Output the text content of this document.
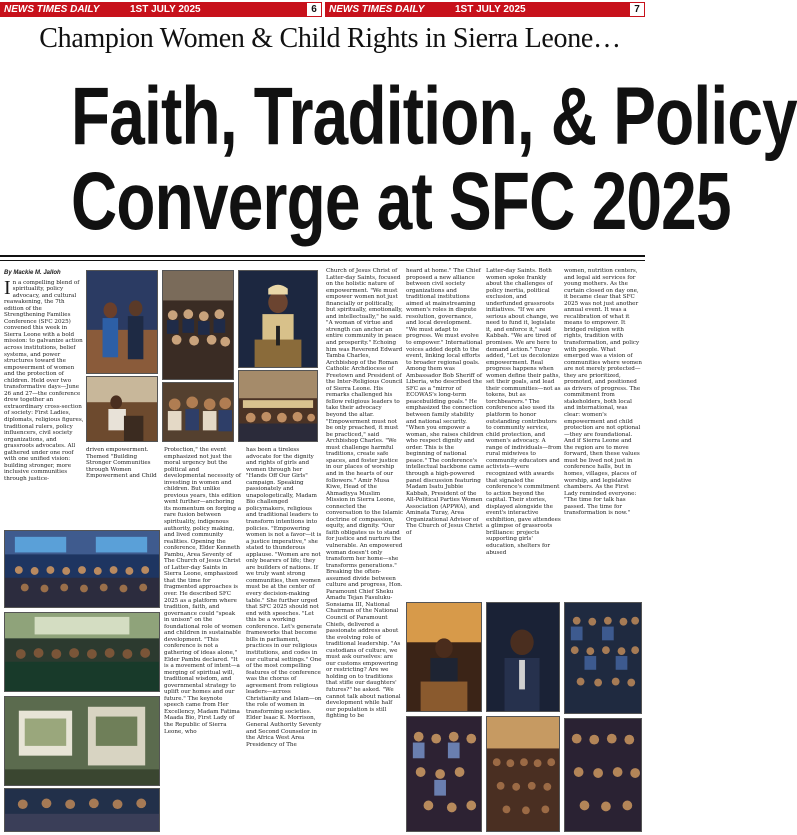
NEWS TIMES DAILY	1ST JULY 2025	6	NEWS TIMES DAILY	1ST JULY 2025	7
Champion Women & Child Rights in Sierra Leone…
Faith, Tradition, & Policy
Converge at SFC 2025

By Mackie M. Jalloh

In a compelling blend of spirituality, policy advocacy, and cultural reawakening, the 7th edition of the Strengthening Families Conference (SFC 2025) convened this week in Sierra Leone with a bold mission: to galvanize action across institutions, belief systems, and power structures toward the empowerment of women and the protection of children. Held over two transformative days—June 26 and 27—the conference drew together an extraordinary cross-section of society: First Ladies, diplomats, religious figures, traditional rulers, policy influencers, civil society organizations, and grassroots advocates. All gathered under one roof with one unified vision: building stronger, more inclusive communities through justice-

driven empowerment. Themed "Building Stronger Communities through Women Empowerment and Child

Protection," the event emphasized not just the moral urgency but the political and developmental necessity of investing in women and children. But unlike previous years, this edition went further—anchoring its momentum on forging a rare fusion between spirituality, indigenous authority, policy making, and lived community realities. Opening the conference, Elder Kenneth Pambu, Area Seventy of The Church of Jesus Christ of Latter-day Saints in Sierra Leone, emphasized that the time for fragmented approaches is over. He described SFC 2025 as a platform where tradition, faith, and governance could "speak in unison" on the foundational role of women and children in sustainable development. "This conference is not a gathering of ideas alone," Elder Pambu declared. "It is a movement of intent—a merging of spiritual will, traditional wisdom, and governmental strategy to uplift our homes and our future." The keynote speech came from Her Excellency, Madam Fatima Maada Bio, First Lady of the Republic of Sierra Leone, who

has been a tireless advocate for the dignity and rights of girls and women through her "Hands Off Our Girls" campaign. Speaking passionately and unapologetically, Madam Bio challenged policymakers, religious and traditional leaders to transform intentions into policies. "Empowering women is not a favor—it is a justice imperative," she stated to thunderous applause. "Women are not only bearers of life; they are builders of nations. If we truly want strong communities, then women must be at the center of every decision-making table." She further urged that SFC 2025 should not end with speeches. "Let this be a working conference. Let's generate frameworks that become bills in parliament, practices in our religious institutions, and codes in our cultural settings." One of the most compelling features of the conference was the chorus of agreement from religious leaders—across Christianity and Islam—on the role of women in transforming societies. Elder Isaac K. Morrison, General Authority Seventy and Second Counselor in the Africa West Area Presidency of The

Church of Jesus Christ of Latter-day Saints, focused on the holistic nature of empowerment. "We must empower women not just financially or politically, but spiritually, emotionally, and intellectually," he said. "A woman of virtue and strength can anchor an entire community in peace and prosperity." Echoing him was Reverend Edward Tamba Charles, Archbishop of the Roman Catholic Archdiocese of Freetown and President of the Inter-Religious Council of Sierra Leone. His remarks challenged his fellow religious leaders to take their advocacy beyond the altar. "Empowerment must not be only preached, it must be practiced," said Archbishop Charles. "We must challenge harmful traditions, create safe spaces, and foster justice in our places of worship and in the hearts of our followers." Amir Musa Kiwe, Head of the Ahmadiyya Muslim Mission in Sierra Leone, connected the conversation to the Islamic doctrine of compassion, equity, and dignity. "Our faith obligates us to stand for justice and nurture the vulnerable. An empowered woman doesn't only transform her home—she transforms generations." Breaking the often-assumed divide between culture and progress, Hon. Paramount Chief Sheku Amadu Tejan Fasuluku-Sonsiama III, National Chairman of the National Council of Paramount Chiefs, delivered a passionate address about the evolving role of traditional leadership. "As custodians of culture, we must ask ourselves: are our customs empowering or restricting? Are we holding on to traditions that stifle our daughters' futures?" he asked. "We cannot talk about national development while half our population is still fighting to be

heard at home." The Chief proposed a new alliance between civil society organizations and traditional institutions aimed at mainstreaming women's roles in dispute resolution, governance, and local development. "We must adapt to progress. We must evolve to empower." International voices added depth to the event, linking local efforts to broader regional goals. Among them was Ambassador Bob Sheriff of Liberia, who described the SFC as a "mirror of ECOWAS's long-term peacebuilding goals." He emphasized the connection between family stability and national security. "When you empower a woman, she raises children who respect dignity and order. This is the beginning of national peace." The conference's intellectual backbone came through a high-powered panel discussion featuring Madam Isatu Jubbie Kabbah, President of the All-Political Parties Women Association (APPWA), and Aminata Turay, Area Organizational Advisor of The Church of Jesus Christ of

Latter-day Saints. Both women spoke frankly about the challenges of policy inertia, political exclusion, and underfunded grassroots initiatives. "If we are serious about change, we need to fund it, legislate it, and enforce it," said Kabbah. "We are tired of promises. We are here to demand action." Turay added, "Let us decolonize empowerment. Real progress happens when women define their paths, set their goals, and lead their communities—not as tokens, but as torchbearers." The conference also used its platform to honor outstanding contributors to community service, child protection, and women's advocacy. A range of individuals—from rural midwives to community educators and activists—were recognized with awards that signaled the conference's commitment to action beyond the capital. Their stories, displayed alongside the event's interactive exhibition, gave attendees a glimpse of grassroots brilliance: projects supporting girls' education, shelters for abused

women, nutrition centers, and legal aid services for young mothers. As the curtain closed on day one, it became clear that SFC 2025 was not just another annual event. It was a recalibration of what it means to empower. It bridged religion with rights, tradition with transformation, and policy with people. What emerged was a vision of communities where women are not merely protected—they are prioritized, promoted, and positioned as drivers of progress. The commitment from stakeholders, both local and international, was clear: women's empowerment and child protection are not optional—they are foundational. And if Sierra Leone and the region are to move forward, then these values must be lived not just in conference halls, but in homes, villages, places of worship, and legislative chambers. As the First Lady reminded everyone: "The time for talk has passed. The time for transformation is now."
